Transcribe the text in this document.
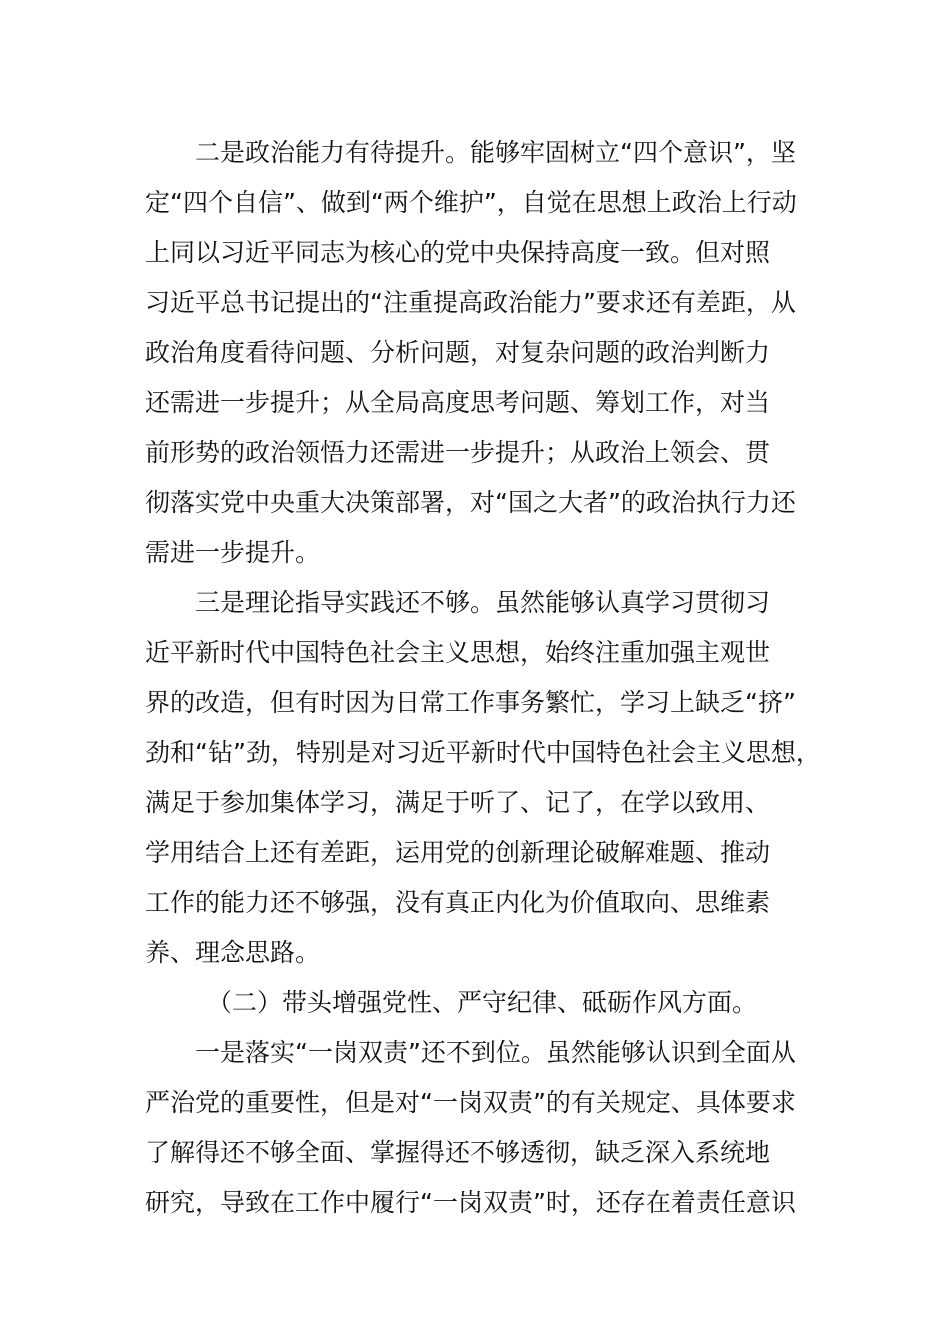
二是政治能力有待提升。能够牢固树立“四个意识”，坚
定“四个自信”、做到“两个维护”，自觉在思想上政治上行动
上同以习近平同志为核心的党中央保持高度一致。但对照
习近平总书记提出的“注重提高政治能力”要求还有差距，从
政治角度看待问题、分析问题，对复杂问题的政治判断力
还需进一步提升；从全局高度思考问题、筹划工作，对当
前形势的政治领悟力还需进一步提升；从政治上领会、贯
彻落实党中央重大决策部署，对“国之大者”的政治执行力还
需进一步提升。
三是理论指导实践还不够。虽然能够认真学习贯彻习
近平新时代中国特色社会主义思想，始终注重加强主观世
界的改造，但有时因为日常工作事务繁忙，学习上缺乏“挤”
劲和“钻”劲，特别是对习近平新时代中国特色社会主义思想，
满足于参加集体学习，满足于听了、记了，在学以致用、
学用结合上还有差距，运用党的创新理论破解难题、推动
工作的能力还不够强，没有真正内化为价值取向、思维素
养、理念思路。
（二）带头增强党性、严守纪律、砥砺作风方面。
一是落实“一岗双责”还不到位。虽然能够认识到全面从
严治党的重要性，但是对“一岗双责”的有关规定、具体要求
了解得还不够全面、掌握得还不够透彻，缺乏深入系统地
研究，导致在工作中履行“一岗双责”时，还存在着责任意识
